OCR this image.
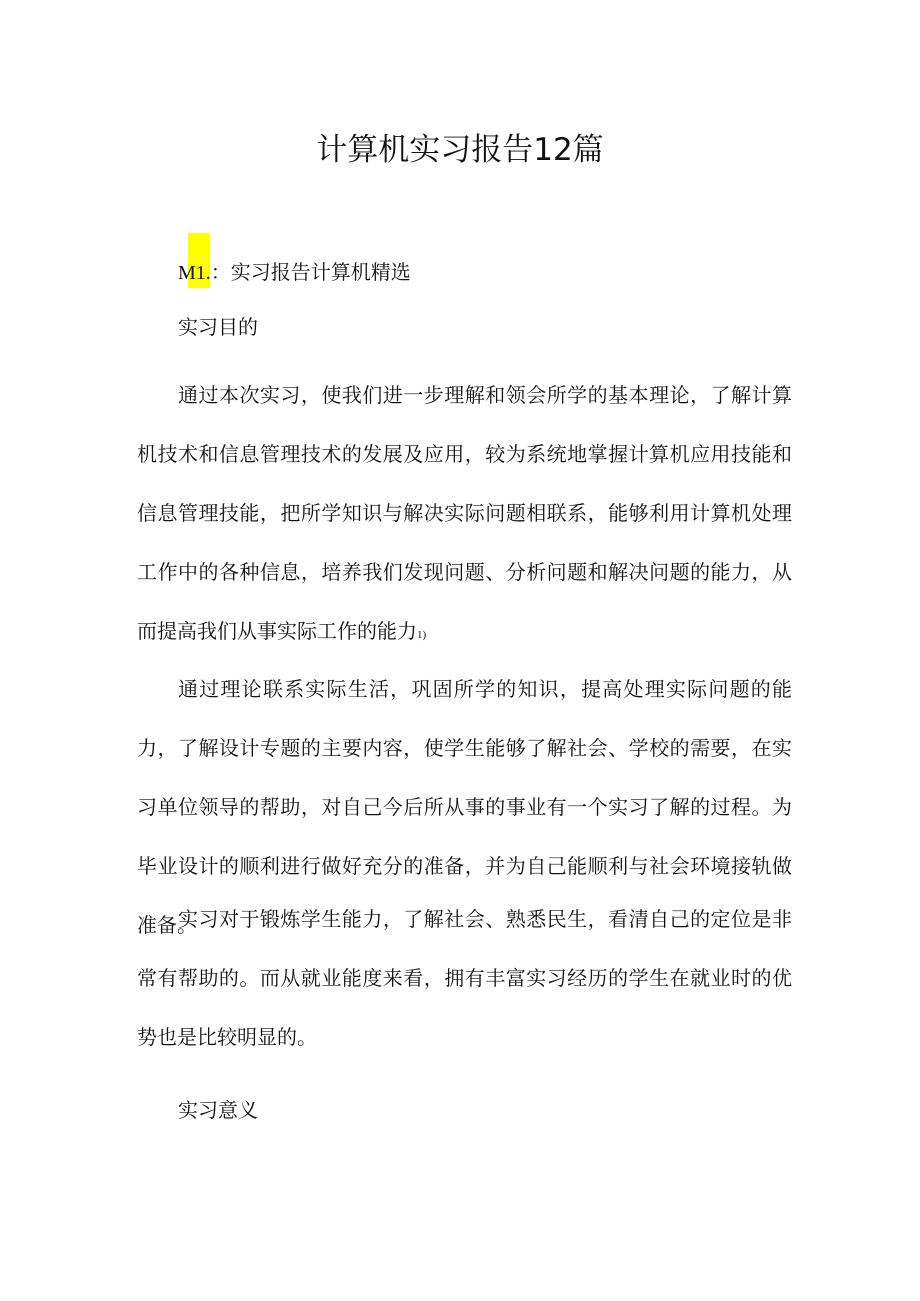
计算机实习报告12篇
M1.：实习报告计算机精选
实习目的

通过本次实习，使我们进一步理解和领会所学的基本理论，了解计算机技术和信息管理技术的发展及应用，较为系统地掌握计算机应用技能和信息管理技能，把所学知识与解决实际问题相联系，能够利用计算机处理工作中的各种信息，培养我们发现问题、分析问题和解决问题的能力，从而提高我们从事实际工作的能力1)

通过理论联系实际生活，巩固所学的知识，提高处理实际问题的能力，了解设计专题的主要内容，使学生能够了解社会、学校的需要，在实习单位领导的帮助，对自己今后所从事的事业有一个实习了解的过程。为毕业设计的顺利进行做好充分的准备，并为自己能顺利与社会环境接轨做准备。

实习对于锻炼学生能力，了解社会、熟悉民生，看清自己的定位是非常有帮助的。而从就业能度来看，拥有丰富实习经历的学生在就业时的优势也是比较明显的。

实习意义
